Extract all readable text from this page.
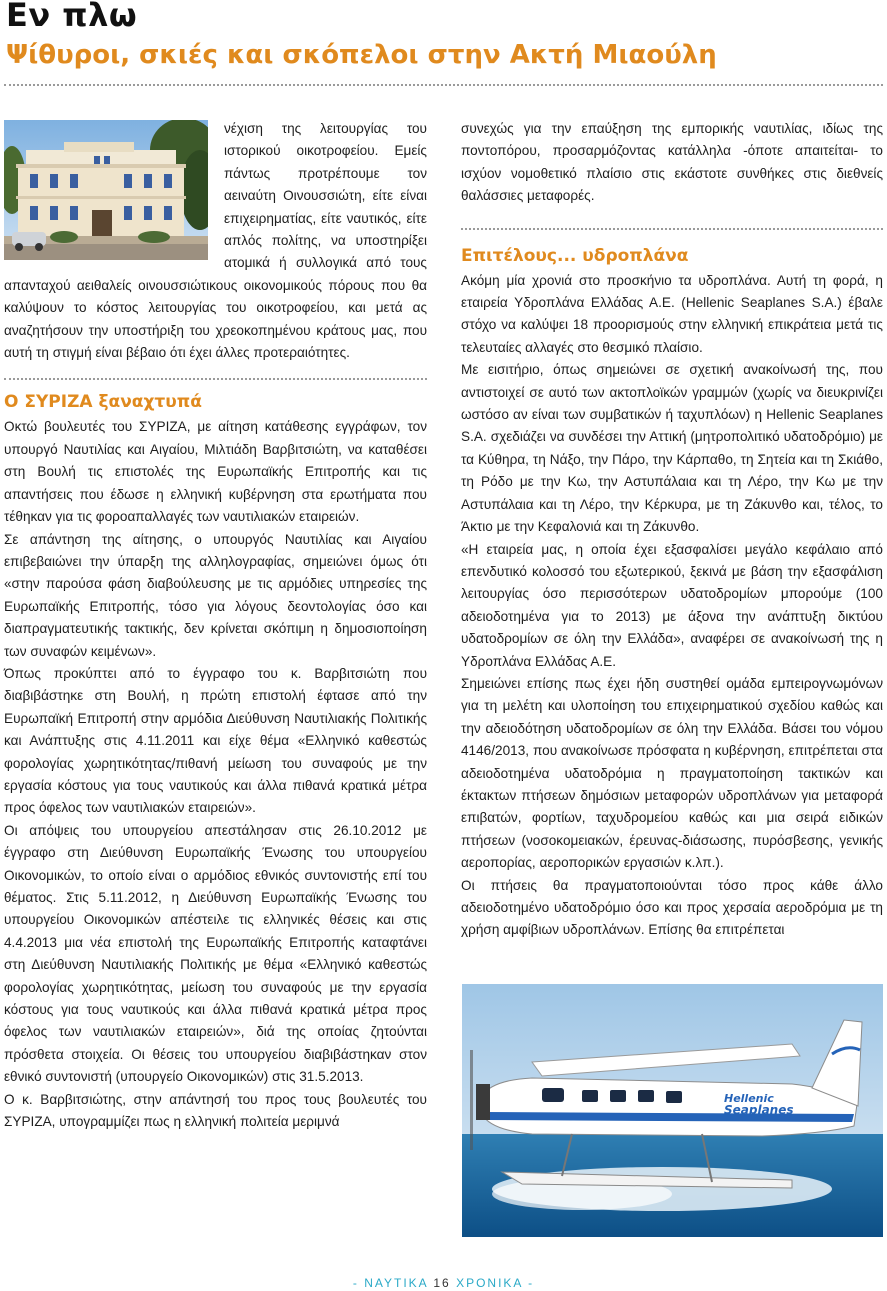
Εν πλω
Ψίθυροι, σκιές και σκόπελοι στην Ακτή Μιαούλη

νέχιση της λειτουργίας του ιστορικού οικοτροφείου. Εμείς πάντως προτρέπουμε τον αειναύτη Οινουσσιώτη, είτε είναι επιχειρηματίας, είτε ναυτικός, είτε απλός πολίτης, να υποστηρίξει ατομικά ή συλλογικά από τους απανταχού αειθαλείς οινουσσιώτικους οικονομικούς πόρους που θα καλύψουν το κόστος λειτουργίας του οικοτροφείου, και μετά ας αναζητήσουν την υποστήριξη του χρεοκοπημένου κράτους μας, που αυτή τη στιγμή είναι βέβαιο ότι έχει άλλες προτεραιότητες.

Ο ΣΥΡΙΖΑ ξαναχτυπά

Οκτώ βουλευτές του ΣΥΡΙΖΑ, με αίτηση κατάθεσης εγγράφων, τον υπουργό Ναυτιλίας και Αιγαίου, Μιλτιάδη Βαρβιτσιώτη, να καταθέσει στη Βουλή τις επιστολές της Ευρωπαϊκής Επιτροπής και τις απαντήσεις που έδωσε η ελληνική κυβέρνηση στα ερωτήματα που τέθηκαν για τις φοροαπαλλαγές των ναυτιλιακών εταιρειών.

Σε απάντηση της αίτησης, ο υπουργός Ναυτιλίας και Αιγαίου επιβεβαιώνει την ύπαρξη της αλληλογραφίας, σημειώνει όμως ότι «στην παρούσα φάση διαβούλευσης με τις αρμόδιες υπηρεσίες της Ευρωπαϊκής Επιτροπής, τόσο για λόγους δεοντολογίας όσο και διαπραγματευτικής τακτικής, δεν κρίνεται σκόπιμη η δημοσιοποίηση των συναφών κειμένων».

Όπως προκύπτει από το έγγραφο του κ. Βαρβιτσιώτη που διαβιβάστηκε στη Βουλή, η πρώτη επιστολή έφτασε από την Ευρωπαϊκή Επιτροπή στην αρμόδια Διεύθυνση Ναυτιλιακής Πολιτικής και Ανάπτυξης στις 4.11.2011 και είχε θέμα «Ελληνικό καθεστώς φορολογίας χωρητικότητας/πιθανή μείωση του συναφούς με την εργασία κόστους για τους ναυτικούς και άλλα πιθανά κρατικά μέτρα προς όφελος των ναυτιλιακών εταιρειών».

Οι απόψεις του υπουργείου απεστάλησαν στις 26.10.2012 με έγγραφο στη Διεύθυνση Ευρωπαϊκής Ένωσης του υπουργείου Οικονομικών, το οποίο είναι ο αρμόδιος εθνικός συντονιστής επί του θέματος. Στις 5.11.2012, η Διεύθυνση Ευρωπαϊκής Ένωσης του υπουργείου Οικονομικών απέστειλε τις ελληνικές θέσεις και στις 4.4.2013 μια νέα επιστολή της Ευρωπαϊκής Επιτροπής καταφτάνει στη Διεύθυνση Ναυτιλιακής Πολιτικής με θέμα «Ελληνικό καθεστώς φορολογίας χωρητικότητας, μείωση του συναφούς με την εργασία κόστους για τους ναυτικούς και άλλα πιθανά κρατικά μέτρα προς όφελος των ναυτιλιακών εταιρειών», διά της οποίας ζητούνται πρόσθετα στοιχεία. Οι θέσεις του υπουργείου διαβιβάστηκαν στον εθνικό συντονιστή (υπουργείο Οικονομικών) στις 31.5.2013.

Ο κ. Βαρβιτσιώτης, στην απάντησή του προς τους βουλευτές του ΣΥΡΙΖΑ, υπογραμμίζει πως η ελληνική πολιτεία μεριμνά

συνεχώς για την επαύξηση της εμπορικής ναυτιλίας, ιδίως της ποντοπόρου, προσαρμόζοντας κατάλληλα -όποτε απαιτείται- το ισχύον νομοθετικό πλαίσιο στις εκάστοτε συνθήκες στις διεθνείς θαλάσσιες μεταφορές.

Επιτέλους... υδροπλάνα

Ακόμη μία χρονιά στο προσκήνιο τα υδροπλάνα. Αυτή τη φορά, η εταιρεία Υδροπλάνα Ελλάδας Α.Ε. (Hellenic Seaplanes S.A.) έβαλε στόχο να καλύψει 18 προορισμούς στην ελληνική επικράτεια μετά τις τελευταίες αλλαγές στο θεσμικό πλαίσιο.

Με εισιτήριο, όπως σημειώνει σε σχετική ανακοίνωσή της, που αντιστοιχεί σε αυτό των ακτοπλοϊκών γραμμών (χωρίς να διευκρινίζει ωστόσο αν είναι των συμβατικών ή ταχυπλόων) η Hellenic Seaplanes S.A. σχεδιάζει να συνδέσει την Αττική (μητροπολιτικό υδατοδρόμιο) με τα Κύθηρα, τη Νάξο, την Πάρο, την Κάρπαθο, τη Σητεία και τη Σκιάθο, τη Ρόδο με την Κω, την Αστυπάλαια και τη Λέρο, την Κω με την Αστυπάλαια και τη Λέρο, την Κέρκυρα, με τη Ζάκυνθο και, τέλος, το Άκτιο με την Κεφαλονιά και τη Ζάκυνθο.

«Η εταιρεία μας, η οποία έχει εξασφαλίσει μεγάλο κεφάλαιο από επενδυτικό κολοσσό του εξωτερικού, ξεκινά με βάση την εξασφάλιση λειτουργίας όσο περισσότερων υδατοδρομίων μπορούμε (100 αδειοδοτημένα για το 2013) με άξονα την ανάπτυξη δικτύου υδατοδρομίων σε όλη την Ελλάδα», αναφέρει σε ανακοίνωσή της η Υδροπλάνα Ελλάδας Α.Ε.

Σημειώνει επίσης πως έχει ήδη συστηθεί ομάδα εμπειρογνωμόνων για τη μελέτη και υλοποίηση του επιχειρηματικού σχεδίου καθώς και την αδειοδότηση υδατοδρομίων σε όλη την Ελλάδα. Βάσει του νόμου 4146/2013, που ανακοίνωσε πρόσφατα η κυβέρνηση, επιτρέπεται στα αδειοδοτημένα υδατοδρόμια η πραγματοποίηση τακτικών και έκτακτων πτήσεων δημόσιων μεταφορών υδροπλάνων για μεταφορά επιβατών, φορτίων, ταχυδρομείου καθώς και μια σειρά ειδικών πτήσεων (νοσοκομειακών, έρευνας-διάσωσης, πυρόσβεσης, γενικής αεροπορίας, αεροπορικών εργασιών κ.λπ.).

Οι πτήσεις θα πραγματοποιούνται τόσο προς κάθε άλλο αδειοδοτημένο υδατοδρόμιο όσο και προς χερσαία αεροδρόμια με τη χρήση αμφίβιων υδροπλάνων. Επίσης θα επιτρέπεται

Hellenic
Seaplanes
- ΝΑΥΤΙΚΑ 16 ΧΡΟΝΙΚΑ -
